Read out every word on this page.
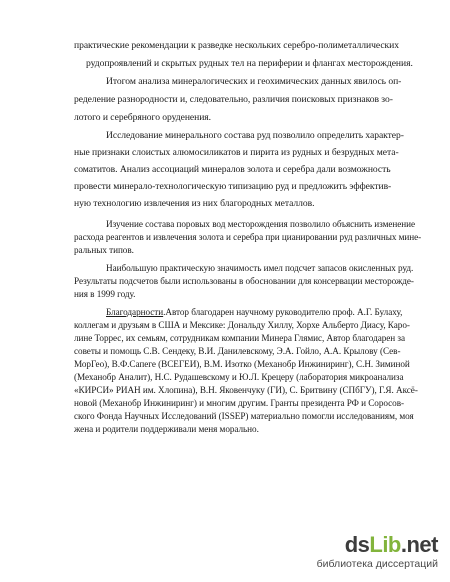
практические рекомендации к разведке нескольких серебро-полиметаллических
рудопроявлений и скрытых рудных тел на периферии и флангах месторождения.
Итогом анализа минералогических и геохимических данных явилось оп-
ределение разнородности и, следовательно, различия поисковых признаков зо-
лотого и серебряного оруденения.
Исследование минерального состава руд позволило определить характер-
ные признаки слоистых алюмосиликатов и пирита из рудных и безрудных мета-
соматитов. Анализ ассоциаций минералов золота и серебра дали возможность
провести минерало-технологическую типизацию руд и предложить эффектив-
ную технологию извлечения из них благородных металлов.
Изучение состава поровых вод месторождения позволило объяснить изменение
расхода реагентов и извлечения золота и серебра при цианировании руд различных мине-
ральных типов.
Наибольшую практическую значимость имел подсчет запасов окисленных руд.
Результаты подсчетов были использованы в обосновании для консервации месторожде-
ния в 1999 году.
Благодарности. Автор благодарен научному руководителю проф. А.Г. Булаху,
коллегам и друзьям в США и Мексике: Дональду Хиллу, Хорхе Альберто Диасу, Каро-
лине Торрес, их семьям, сотрудникам компании Минера Глямис, Автор благодарен за
советы и помощь С.В. Сендеку, В.И. Данилевскому, Э.А. Гойло, А.А. Крылову (Сев-
МорГео), В.Ф.Сапеге (ВСЕГЕИ), В.М. Изотко (Механобр Инжиниринг), С.Н. Зиминой
(Механобр Аналит), Н.С. Рудашевскому и Ю.Л. Крецеру (лаборатория микроанализа
«КИРСИ» РИАН им. Хлопина), В.Н. Яковенчуку (ГИ), С. Бритвину (СПбГУ), Г.Я. Аксё-
новой (Механобр Инжиниринг) и многим другим. Гранты президента РФ и Соросов-
ского Фонда Научных Исследований (ISSEP) материально помогли исследованиям, моя
жена и родители поддерживали меня морально.
dsLib.net
библиотека диссертаций
